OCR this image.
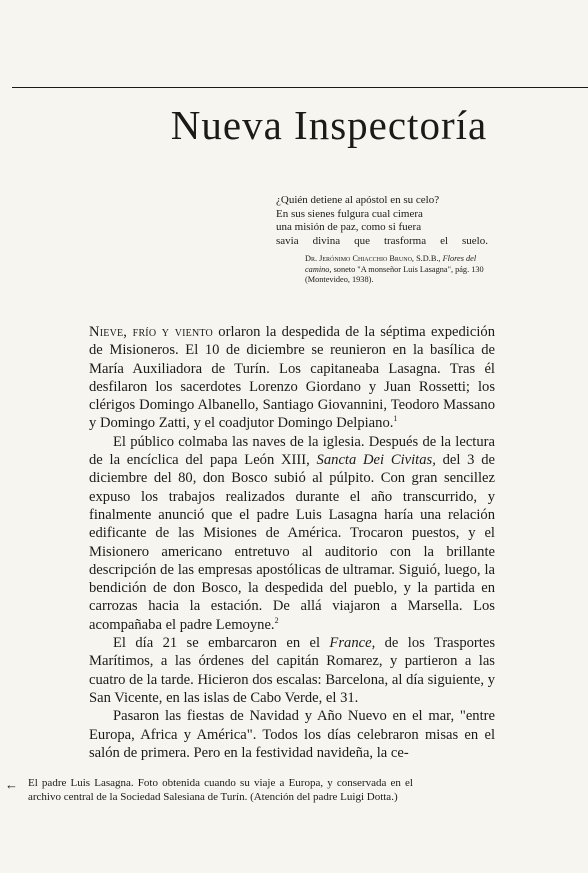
Nueva Inspectoría

¿Quién detiene al apóstol en su celo?

En sus sienes fulgura cual cimera

una misión de paz, como si fuera

savia divina que trasforma el suelo.

Dr. Jerónimo Chiacchio Bruno, S.D.B., Flores del camino, soneto "A monseñor Luis Lasagna", pág. 130 (Montevideo, 1938).

Nieve, frío y viento orlaron la despedida de la séptima expedición de Misioneros. El 10 de diciembre se reunieron en la basílica de María Auxiliadora de Turín. Los capitaneaba Lasagna. Tras él desfilaron los sacerdotes Lorenzo Giordano y Juan Rossetti; los clérigos Domingo Albanello, Santiago Giovannini, Teodoro Massano y Domingo Zatti, y el coadjutor Domingo Delpiano.$^1$

El público colmaba las naves de la iglesia. Después de la lectura de la encíclica del papa León XIII, Sancta Dei Civitas, del 3 de diciembre del 80, don Bosco subió al púlpito. Con gran sencillez expuso los trabajos realizados durante el año transcurrido, y finalmente anunció que el padre Luis Lasagna haría una relación edificante de las Misiones de América. Trocaron puestos, y el Misionero americano entretuvo al auditorio con la brillante descripción de las empresas apostólicas de ultramar. Siguió, luego, la bendición de don Bosco, la despedida del pueblo, y la partida en carrozas hacia la estación. De allá viajaron a Marsella. Los acompañaba el padre Lemoyne.$^2$

El día 21 se embarcaron en el France, de los Trasportes Marítimos, a las órdenes del capitán Romarez, y partieron a las cuatro de la tarde. Hicieron dos escalas: Barcelona, al día siguiente, y San Vicente, en las islas de Cabo Verde, el 31.

Pasaron las fiestas de Navidad y Año Nuevo en el mar, "entre Europa, Africa y América". Todos los días celebraron misas en el salón de primera. Pero en la festividad navideña, la ce-

← El padre Luis Lasagna. Foto obtenida cuando su viaje a Europa, y conservada en el archivo central de la Sociedad Salesiana de Turín. (Atención del padre Luigi Dotta.)
